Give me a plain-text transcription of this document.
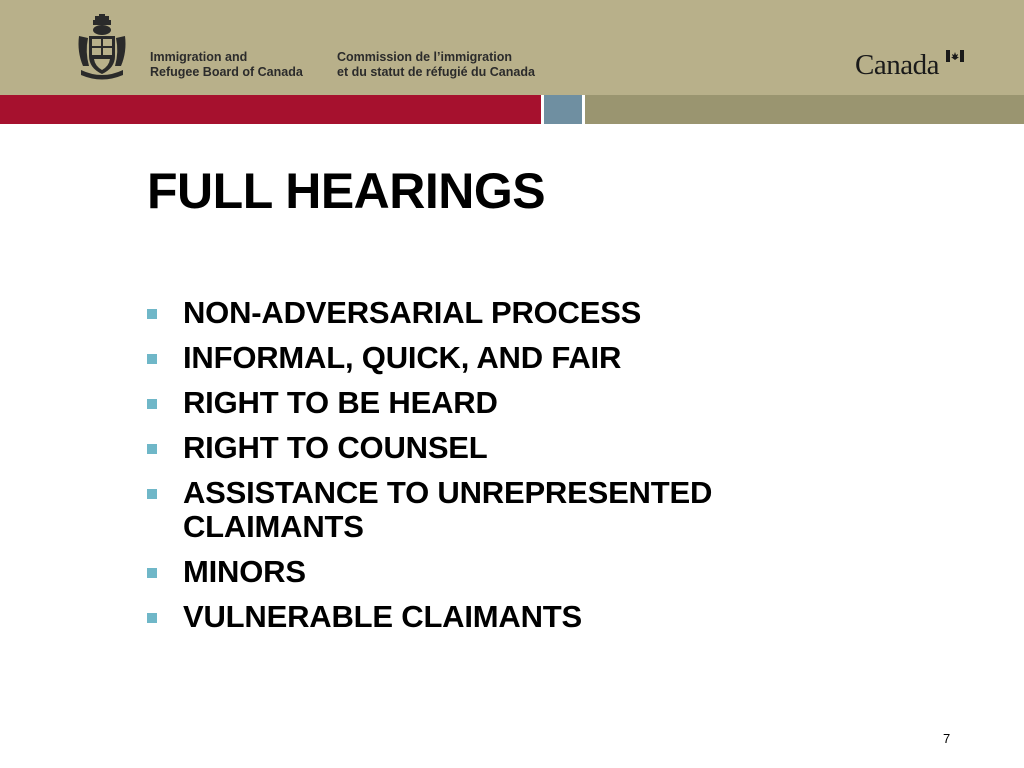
Immigration and
Refugee Board of Canada
Commission de l’immigration
et du statut de réfugié du Canada	Canada
FULL HEARINGS
NON-ADVERSARIAL PROCESS
INFORMAL, QUICK, AND FAIR
RIGHT TO BE HEARD
RIGHT TO COUNSEL
ASSISTANCE TO UNREPRESENTED CLAIMANTS
MINORS
VULNERABLE CLAIMANTS
7
